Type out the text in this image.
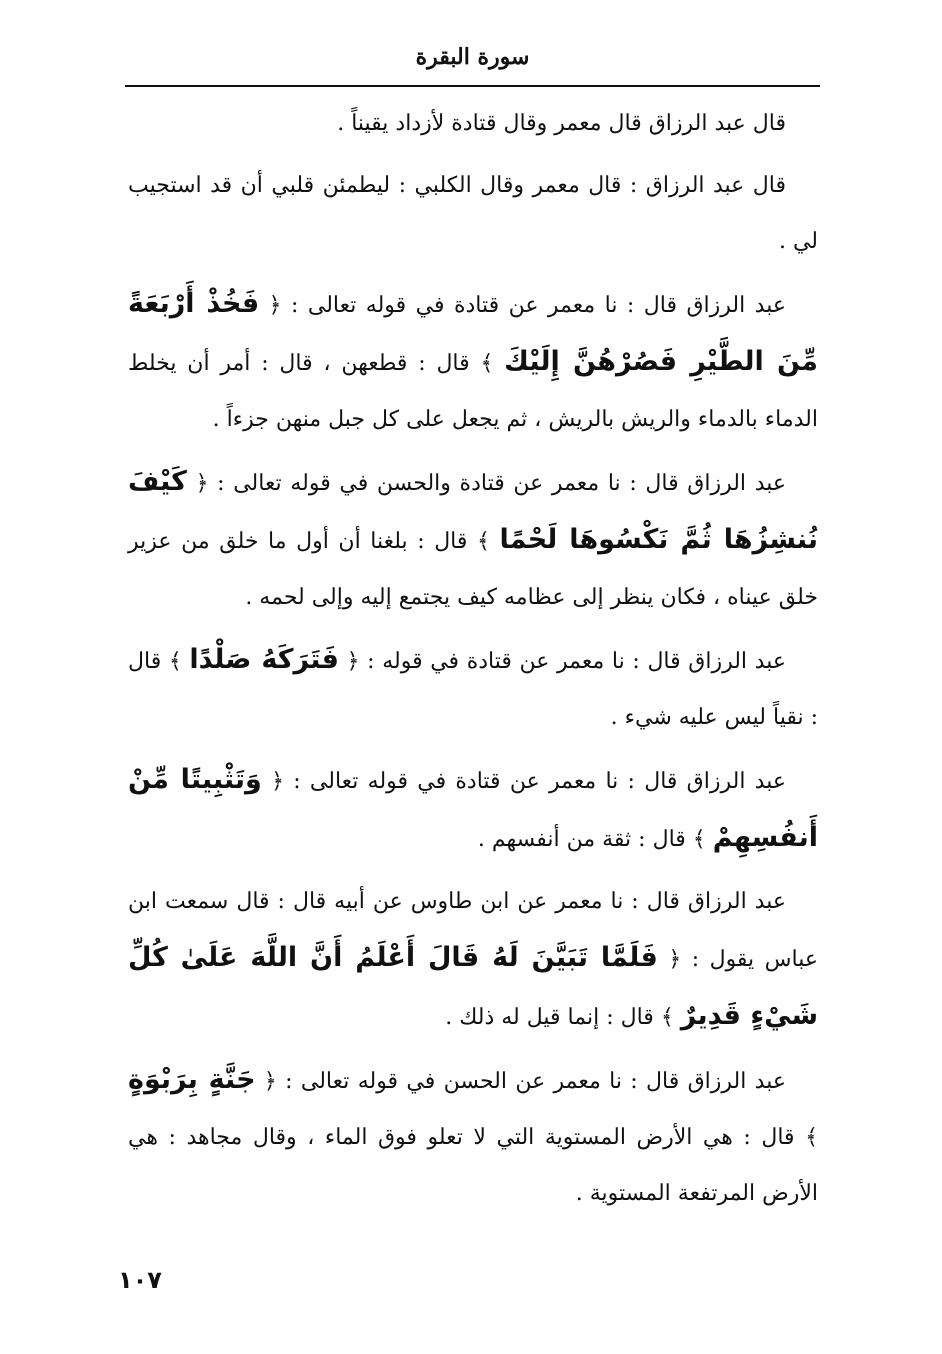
سورة البقرة

قال عبد الرزاق قال معمر وقال قتادة لأزداد يقيناً .

قال عبد الرزاق : قال معمر وقال الكلبي : ليطمئن قلبي أن قد استجيب لي .

عبد الرزاق قال : نا معمر عن قتادة في قوله تعالى : ﴿ فَخُذْ أَرْبَعَةً مِّنَ الطَّيْرِ فَصُرْهُنَّ إِلَيْكَ ﴾ قال : قطعهن ، قال : أمر أن يخلط الدماء بالدماء والريش بالريش ، ثم يجعل على كل جبل منهن جزءاً .

عبد الرزاق قال : نا معمر عن قتادة والحسن في قوله تعالى : ﴿ كَيْفَ نُنشِزُهَا ثُمَّ نَكْسُوهَا لَحْمًا ﴾ قال : بلغنا أن أول ما خلق من عزير خلق عيناه ، فكان ينظر إلى عظامه كيف يجتمع إليه وإلى لحمه .

عبد الرزاق قال : نا معمر عن قتادة في قوله : ﴿ فَتَرَكَهُ صَلْدًا ﴾ قال : نقياً ليس عليه شيء .

عبد الرزاق قال : نا معمر عن قتادة في قوله تعالى : ﴿ وَتَثْبِيتًا مِّنْ أَنفُسِهِمْ ﴾ قال : ثقة من أنفسهم .

عبد الرزاق قال : نا معمر عن ابن طاوس عن أبيه قال : قال سمعت ابن عباس يقول : ﴿ فَلَمَّا تَبَيَّنَ لَهُ قَالَ أَعْلَمُ أَنَّ اللَّهَ عَلَىٰ كُلِّ شَيْءٍ قَدِيرٌ ﴾ قال : إنما قيل له ذلك .

عبد الرزاق قال : نا معمر عن الحسن في قوله تعالى : ﴿ جَنَّةٍ بِرَبْوَةٍ ﴾ قال : هي الأرض المستوية التي لا تعلو فوق الماء ، وقال مجاهد : هي الأرض المرتفعة المستوية .

١٠٧
